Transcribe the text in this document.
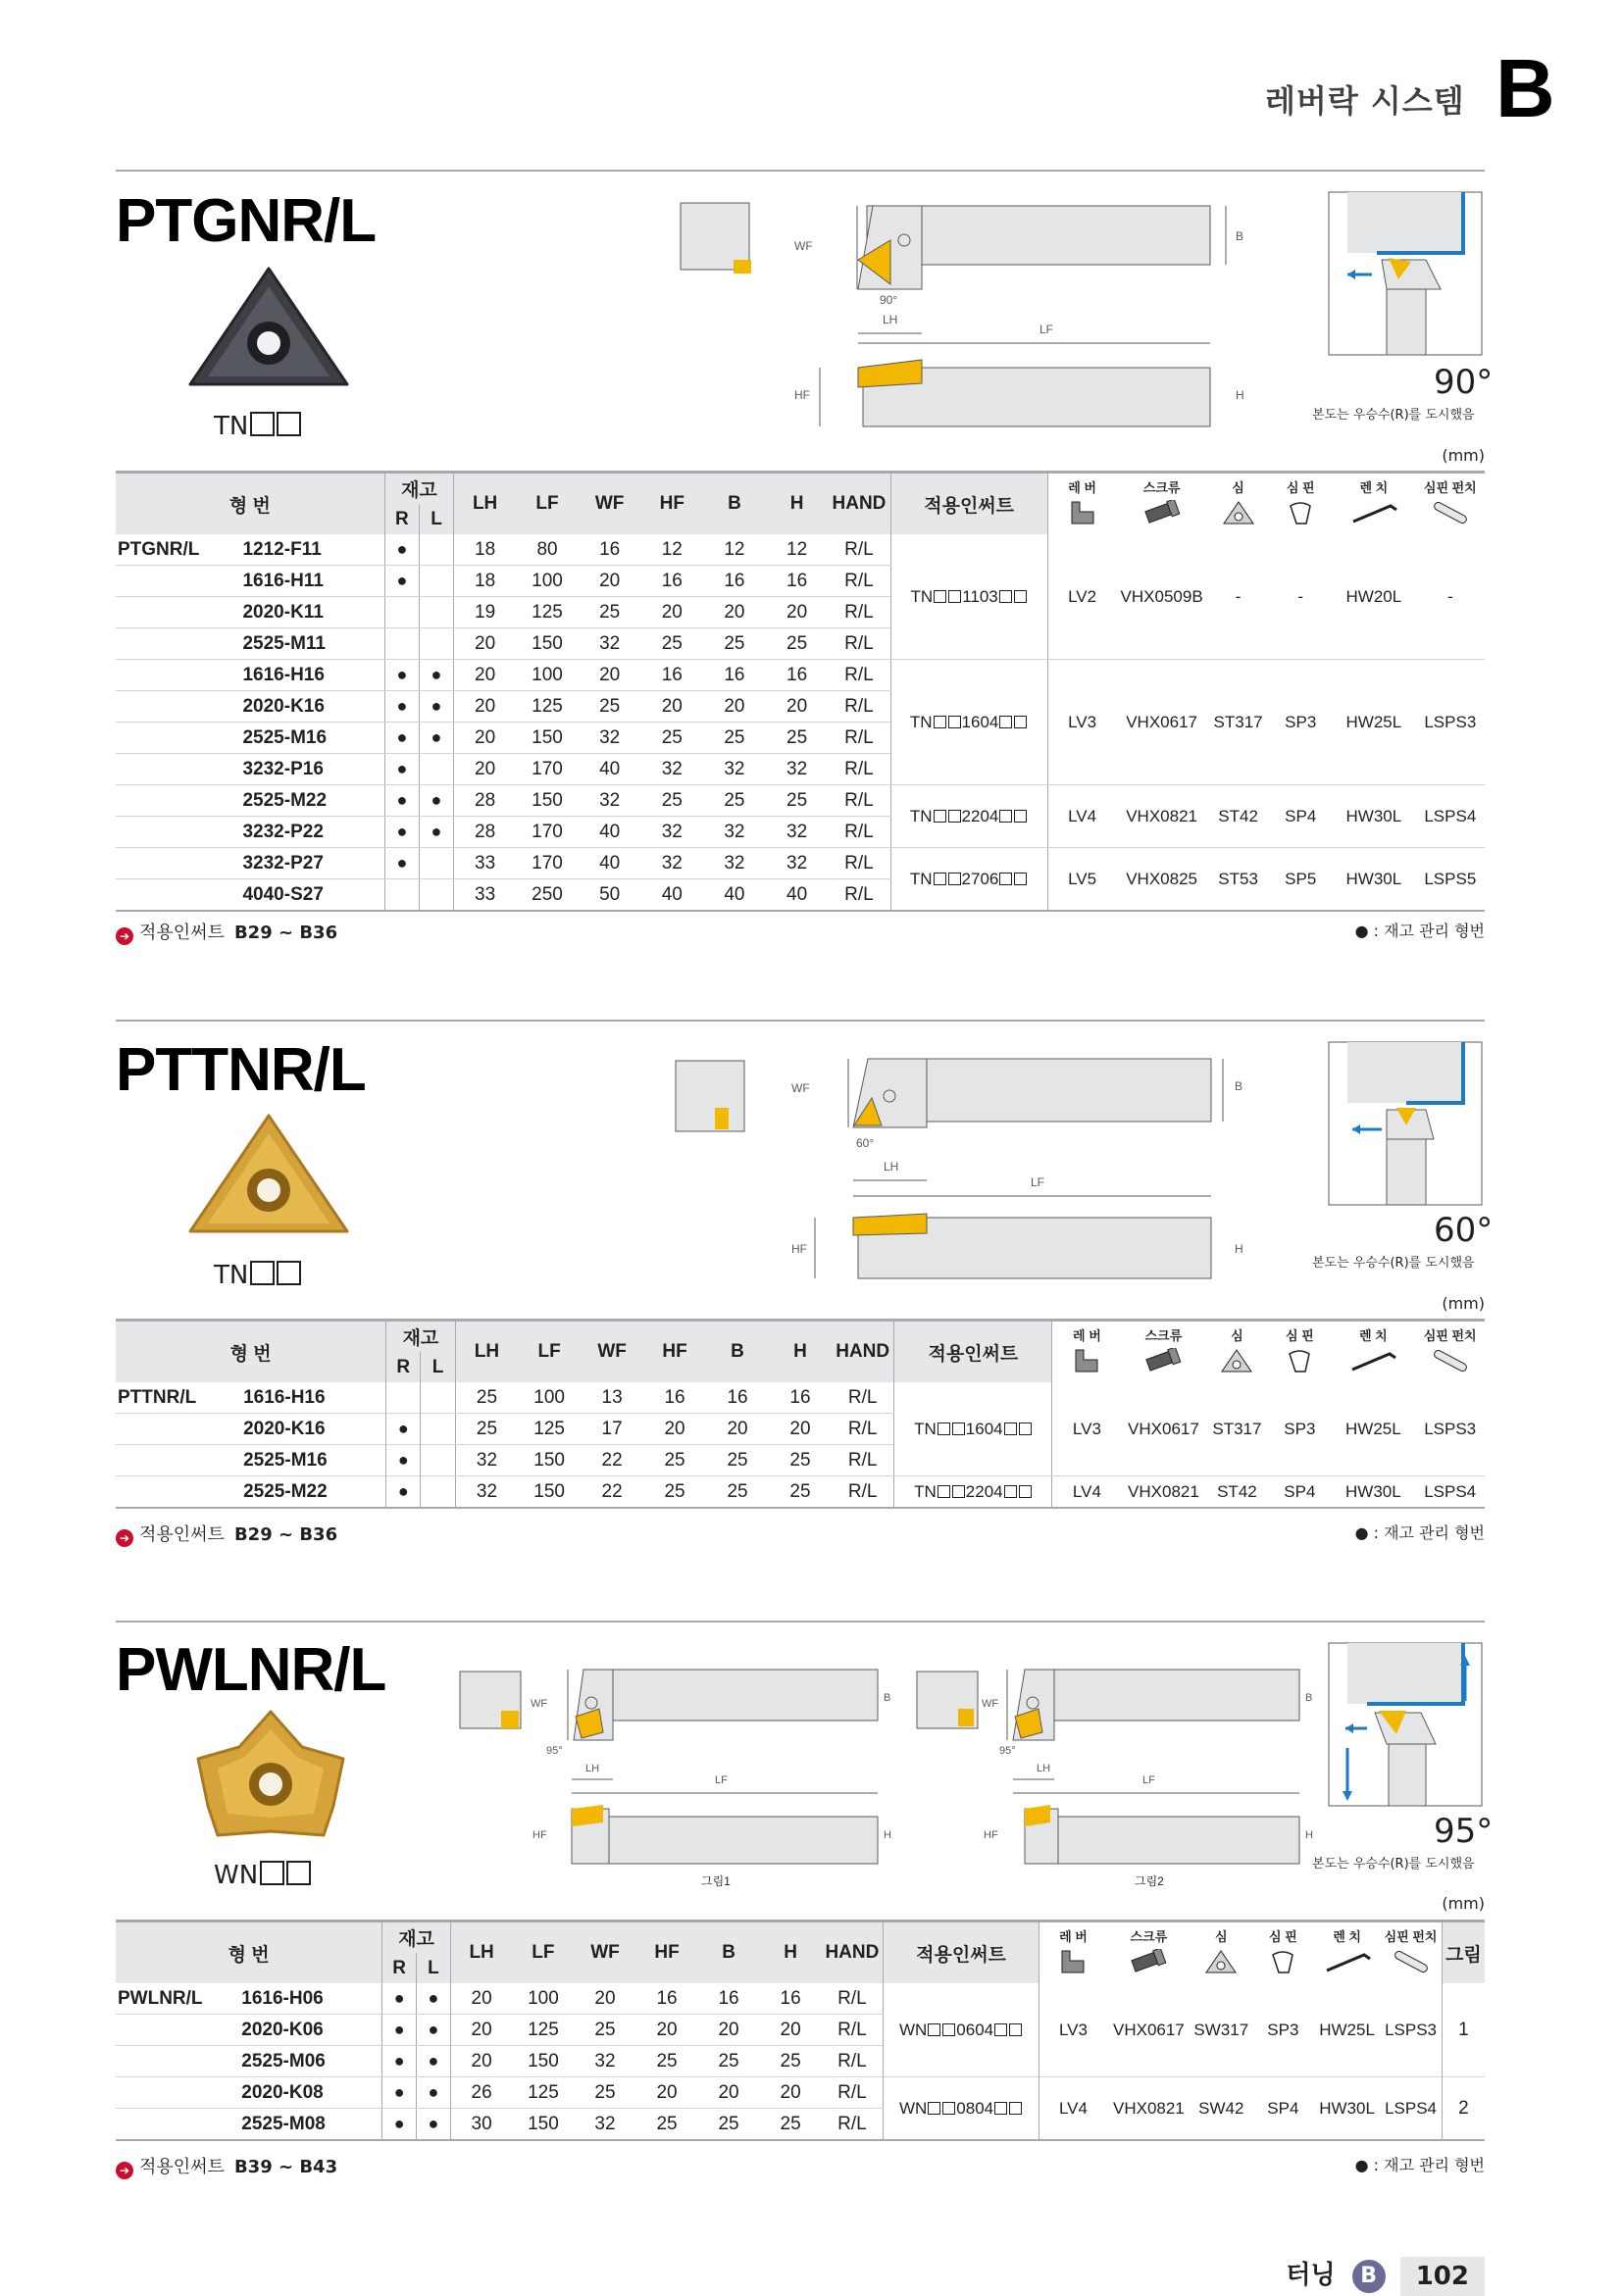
레버락 시스템 B
PTGNR/L
TN
WF
B
90°
LH
LF
HF	H	90°
본도는 우승수(R)를 도시했음
(mm)
형 번		재고		LH	LF	WF	HF	B	H	HAND	적용인써트	레 버	스크류	심	심 핀	렌 치	심핀 펀치

		R	L														
PTGNR/L	1212-F11	●		18	80	16	12	12	12	R/L	TN 1103	LV2	VHX0509B	-	-	HW20L	-
	1616-H11	●		18	100	20	16	16	16	R/L							
	2020-K11			19	125	25	20	20	20	R/L							
	2525-M11			20	150	32	25	25	25	R/L							
	1616-H16	●	●	20	100	20	16	16	16	R/L	TN 1604	LV3	VHX0617	ST317	SP3	HW25L	LSPS3
	2020-K16	●	●	20	125	25	20	20	20	R/L							
	2525-M16	●	●	20	150	32	25	25	25	R/L							
	3232-P16	●		20	170	40	32	32	32	R/L							
	2525-M22	●	●	28	150	32	25	25	25	R/L	TN 2204	LV4	VHX0821	ST42	SP4	HW30L	LSPS4
	3232-P22	●	●	28	170	40	32	32	32	R/L							
	3232-P27	●		33	170	40	32	32	32	R/L	TN 2706	LV5	VHX0825	ST53	SP5	HW30L	LSPS5
	4040-S27			33	250	50	40	40	40	R/L							
➔ 적용인써트 B29 ~ B36	● : 재고 관리 형번
PTTNR/L
TN
WF	B
60°
LH
LF
HF	H	60°
본도는 우승수(R)를 도시했음
(mm)
형 번		재고		LH	LF	WF	HF	B	H	HAND	적용인써트	레 버	스크류	심	심 핀	렌 치	심핀 펀치

		R	L														
PTTNR/L	1616-H16			25	100	13	16	16	16	R/L	TN 1604	LV3	VHX0617	ST317	SP3	HW25L	LSPS3
	2020-K16	●		25	125	17	20	20	20	R/L							
	2525-M16	●		32	150	22	25	25	25	R/L							
	2525-M22	●		32	150	22	25	25	25	R/L	TN 2204	LV4	VHX0821	ST42	SP4	HW30L	LSPS4
➔ 적용인써트 B29 ~ B36	● : 재고 관리 형번
PWLNR/L
WN
WF	B
95°
LH
LF
HF	H
그림1
WF	B
95°
LH
LF
HF	H
그림2
95°
본도는 우승수(R)를 도시했음
(mm)
형 번		재고		LH	LF	WF	HF	B	H	HAND	적용인써트	레 버	스크류	심	심 핀	렌 치	심핀 펀치	그림
		R	L															
PWLNR/L	1616-H06	●	●	20	100	20	16	16	16	R/L	WN 0604	LV3	VHX0617	SW317	SP3	HW25L	LSPS3	1
	2020-K06	●	●	20	125	25	20	20	20	R/L								
	2525-M06	●	●	20	150	32	25	25	25	R/L								
	2020-K08	●	●	26	125	25	20	20	20	R/L	WN 0804	LV4	VHX0821	SW42	SP4	HW30L	LSPS4	2
	2525-M08	●	●	30	150	32	25	25	25	R/L								
➔ 적용인써트 B39 ~ B43	● : 재고 관리 형번
터닝 B 102
